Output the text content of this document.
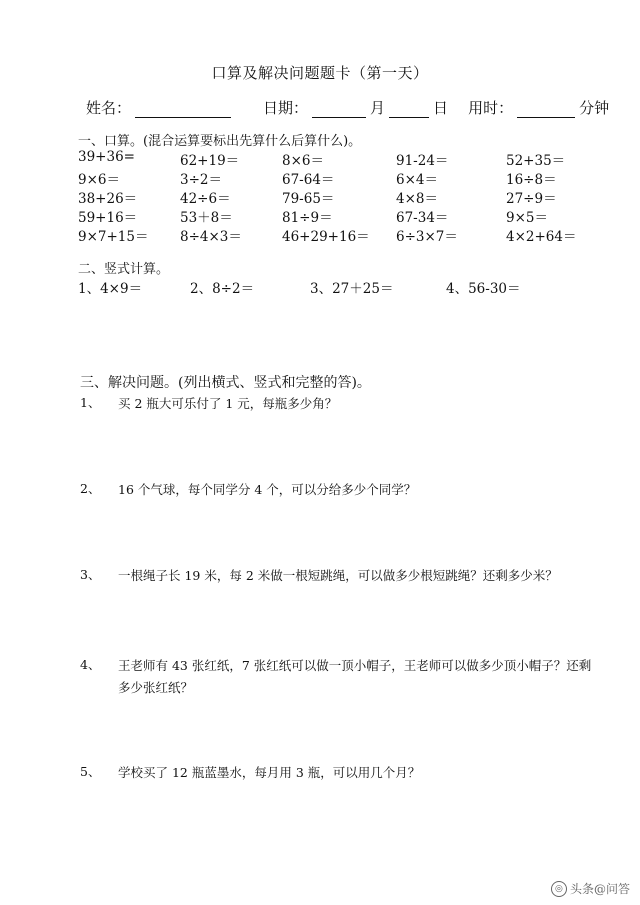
口算及解决问题题卡（第一天）
姓名：	日期：	月	日 用时：	分钟
一、口算。(混合运算要标出先算什么后算什么)。
39+36=	62+19＝	8×6＝	91-24＝	52+35＝
9×6＝	3÷2＝	67-64＝	6×4＝	16÷8＝
38+26＝	42÷6＝	79-65＝	4×8＝	27÷9＝
59+16＝	53＋8＝	81÷9＝	67-34＝	9×5＝
9×7+15＝ 8÷4×3＝	46+29+16＝ 6÷3×7＝	4×2+64＝
二、竖式计算。
1、4×9＝	2、8÷2＝	3、27＋25＝	4、56-30＝
三、解决问题。(列出横式、竖式和完整的答)。
1、 买 2 瓶大可乐付了 1 元，每瓶多少角？
2、 16 个气球，每个同学分 4 个，可以分给多少个同学？
3、 一根绳子长 19 米，每 2 米做一根短跳绳，可以做多少根短跳绳？还剩多少米？
4、 王老师有 43 张红纸，7 张红纸可以做一顶小帽子，王老师可以做多少顶小帽子？还剩多少张红纸？
5、 学校买了 12 瓶蓝墨水，每月用 3 瓶，可以用几个月？
◎ 头条@问答
